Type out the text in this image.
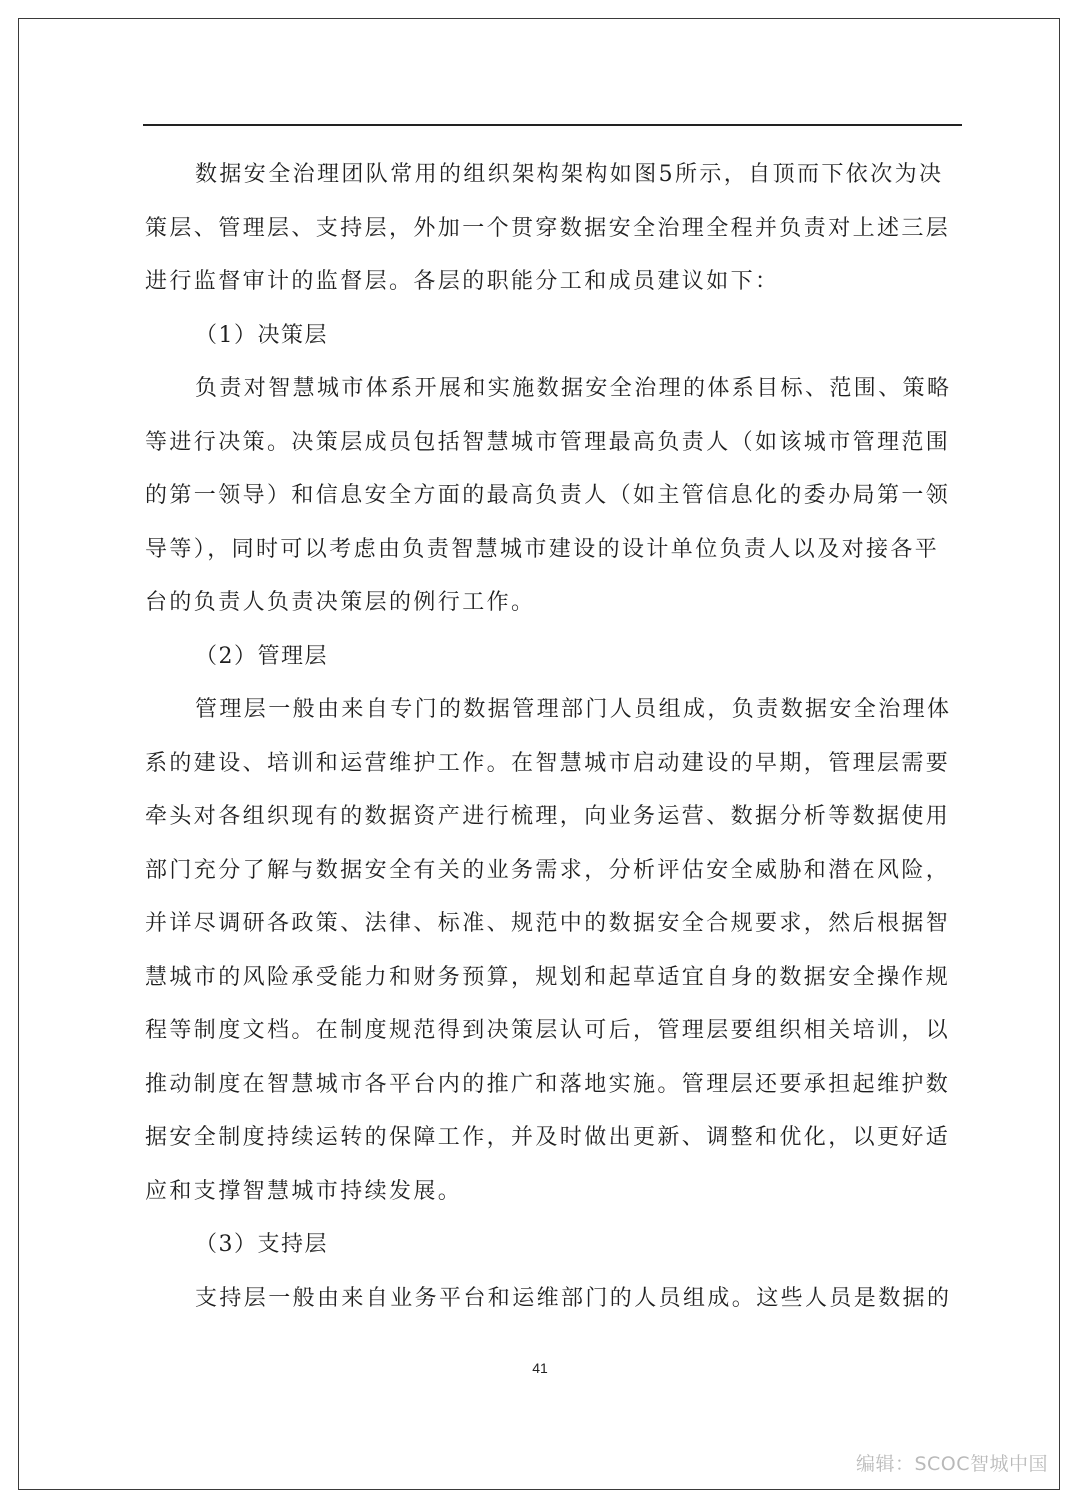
数据安全治理团队常用的组织架构架构如图5所示，自顶而下依次为决
策层、管理层、支持层，外加一个贯穿数据安全治理全程并负责对上述三层
进行监督审计的监督层。各层的职能分工和成员建议如下：

（1）决策层

负责对智慧城市体系开展和实施数据安全治理的体系目标、范围、策略
等进行决策。决策层成员包括智慧城市管理最高负责人（如该城市管理范围
的第一领导）和信息安全方面的最高负责人（如主管信息化的委办局第一领
导等），同时可以考虑由负责智慧城市建设的设计单位负责人以及对接各平
台的负责人负责决策层的例行工作。

（2）管理层

管理层一般由来自专门的数据管理部门人员组成，负责数据安全治理体
系的建设、培训和运营维护工作。在智慧城市启动建设的早期，管理层需要
牵头对各组织现有的数据资产进行梳理，向业务运营、数据分析等数据使用
部门充分了解与数据安全有关的业务需求，分析评估安全威胁和潜在风险，
并详尽调研各政策、法律、标准、规范中的数据安全合规要求，然后根据智
慧城市的风险承受能力和财务预算，规划和起草适宜自身的数据安全操作规
程等制度文档。在制度规范得到决策层认可后，管理层要组织相关培训，以
推动制度在智慧城市各平台内的推广和落地实施。管理层还要承担起维护数
据安全制度持续运转的保障工作，并及时做出更新、调整和优化，以更好适
应和支撑智慧城市持续发展。

（3）支持层

支持层一般由来自业务平台和运维部门的人员组成。这些人员是数据的

41
编辑：SCOC智城中国
